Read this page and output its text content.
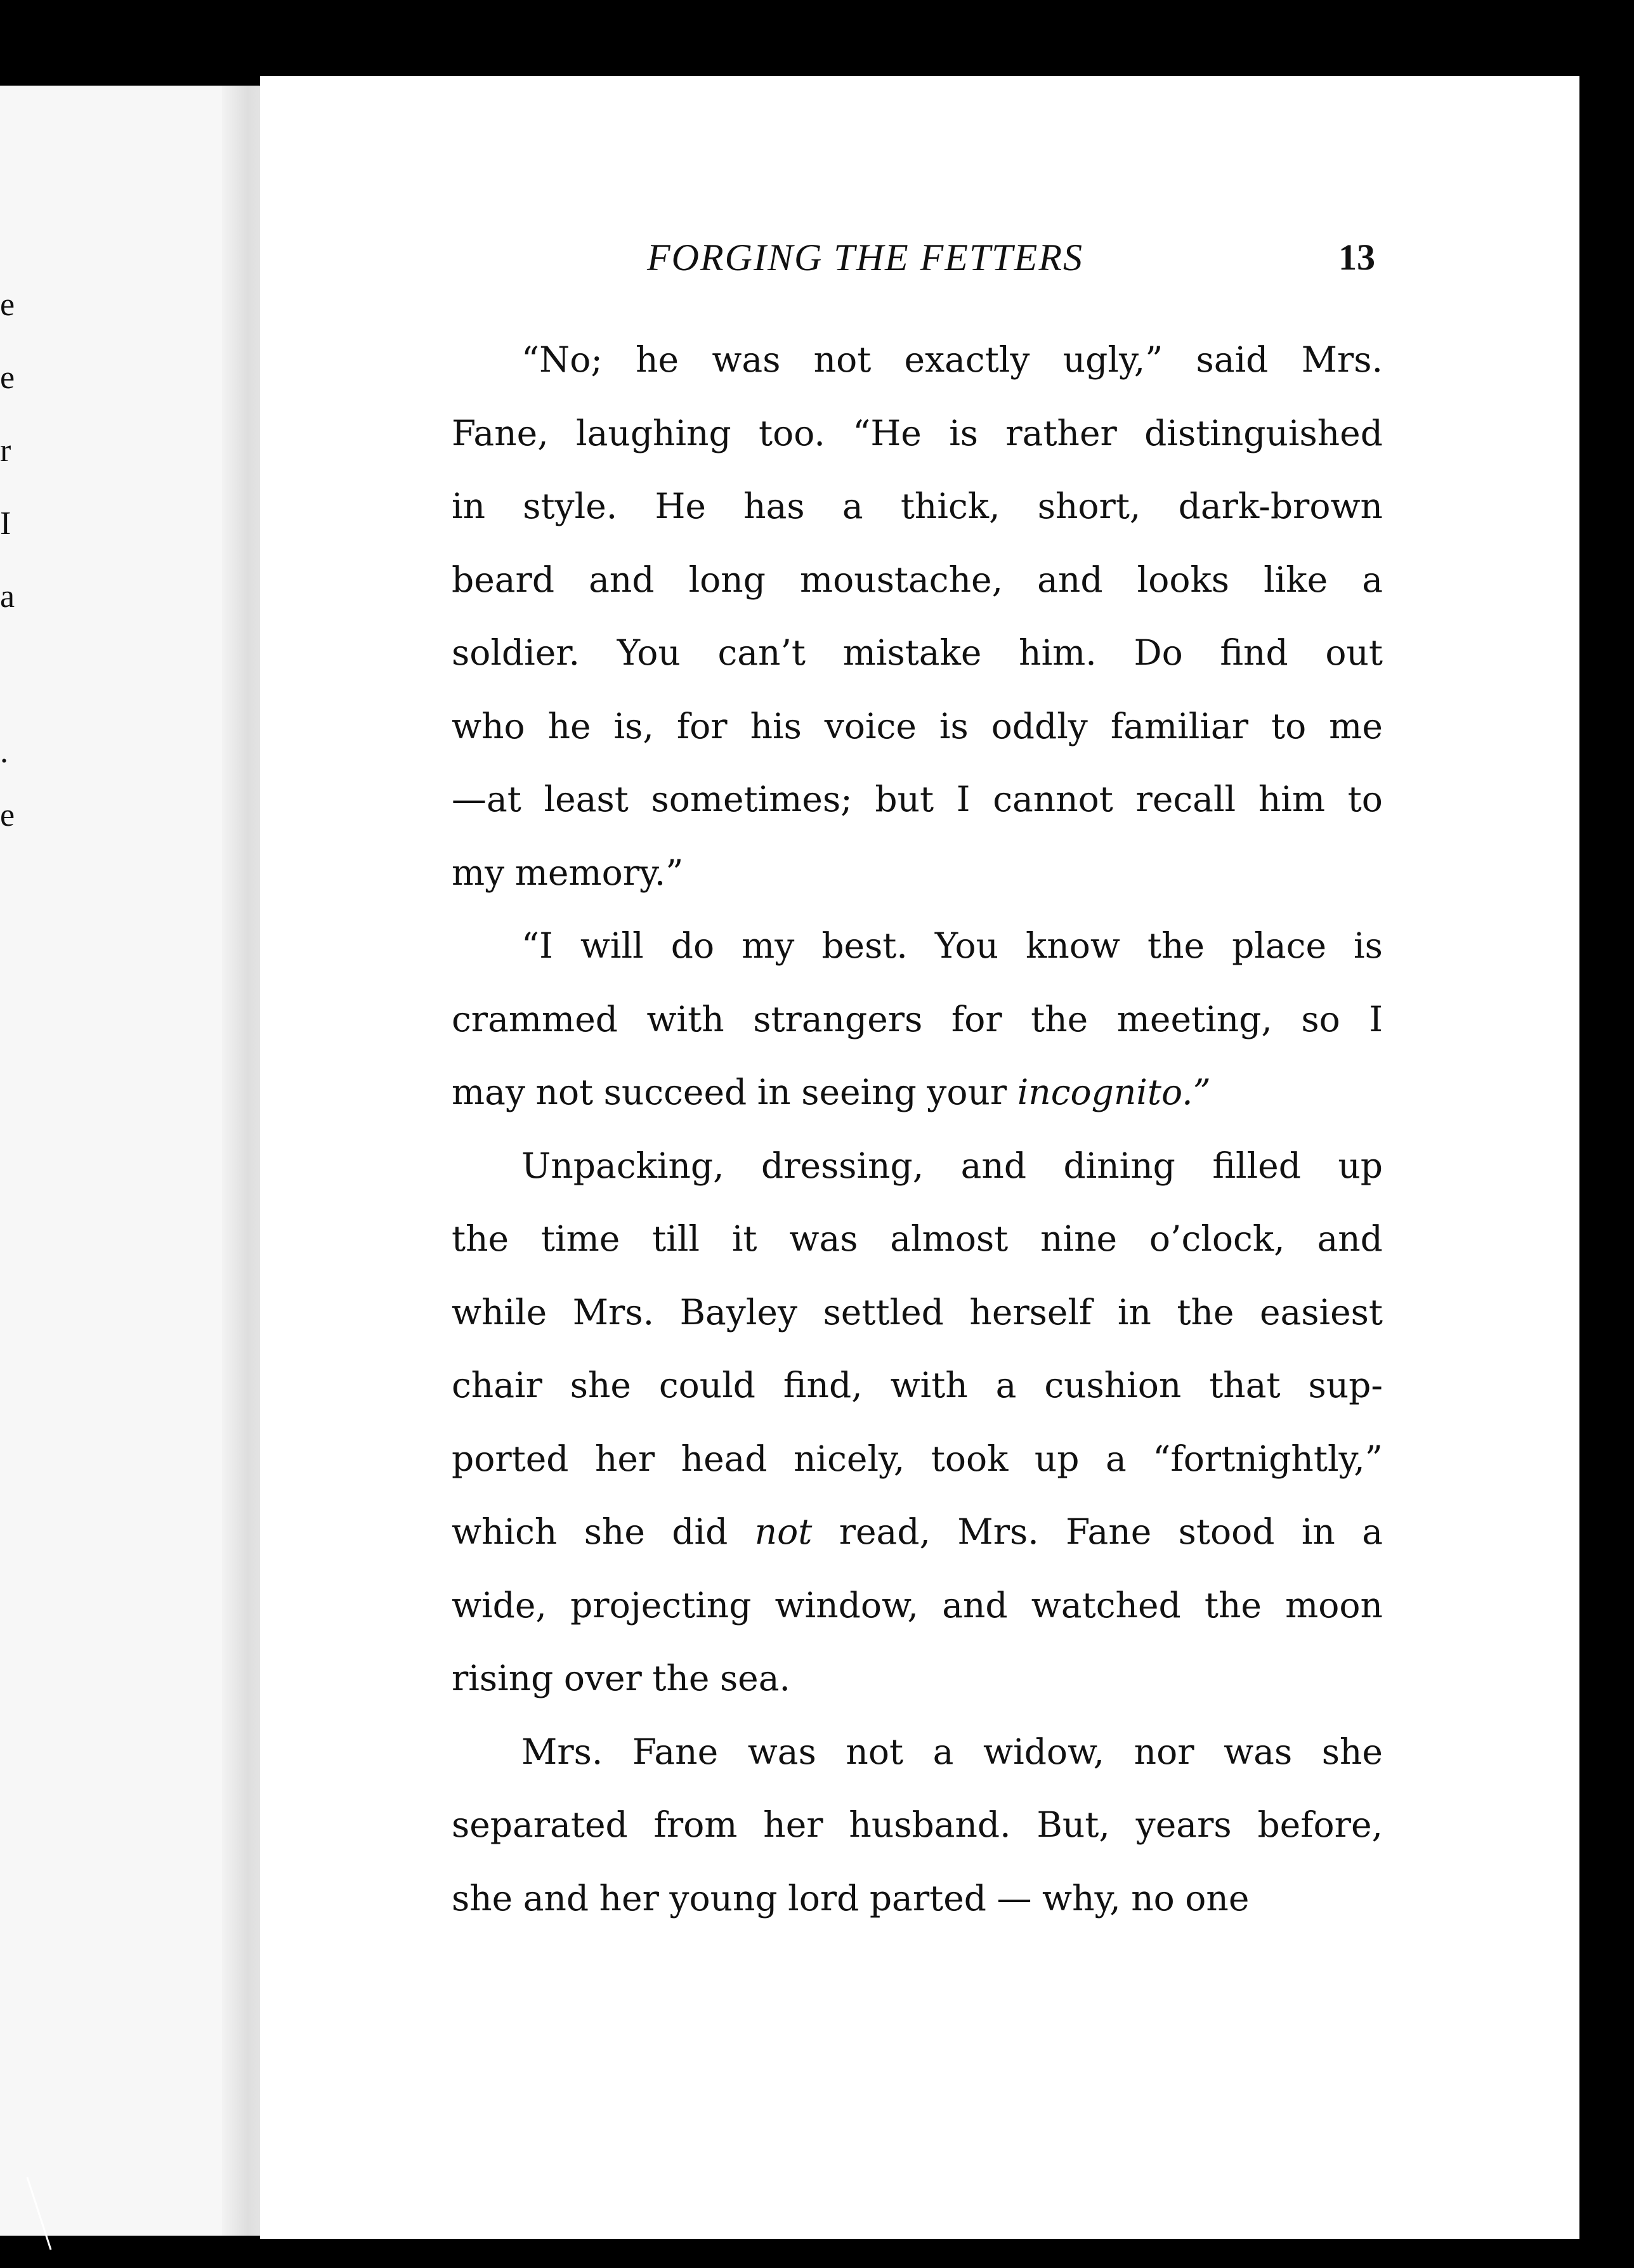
e
e
r
I
a
.
e
FORGING THE FETTERS	13
“No; he was not exactly ugly,” said Mrs.
Fane, laughing too. “He is rather distinguished
in style. He has a thick, short, dark-brown
beard and long moustache, and looks like a
soldier. You can’t mistake him. Do find out
who he is, for his voice is oddly familiar to me
—at least sometimes; but I cannot recall him to
my memory.”
“I will do my best. You know the place is
crammed with strangers for the meeting, so I
may not succeed in seeing your incognito.”
Unpacking, dressing, and dining filled up
the time till it was almost nine o’clock, and
while Mrs. Bayley settled herself in the easiest
chair she could find, with a cushion that sup-
ported her head nicely, took up a “fortnightly,”
which she did not read, Mrs. Fane stood in a
wide, projecting window, and watched the moon
rising over the sea.
Mrs. Fane was not a widow, nor was she
separated from her husband. But, years before,
she and her young lord parted — why, no one
